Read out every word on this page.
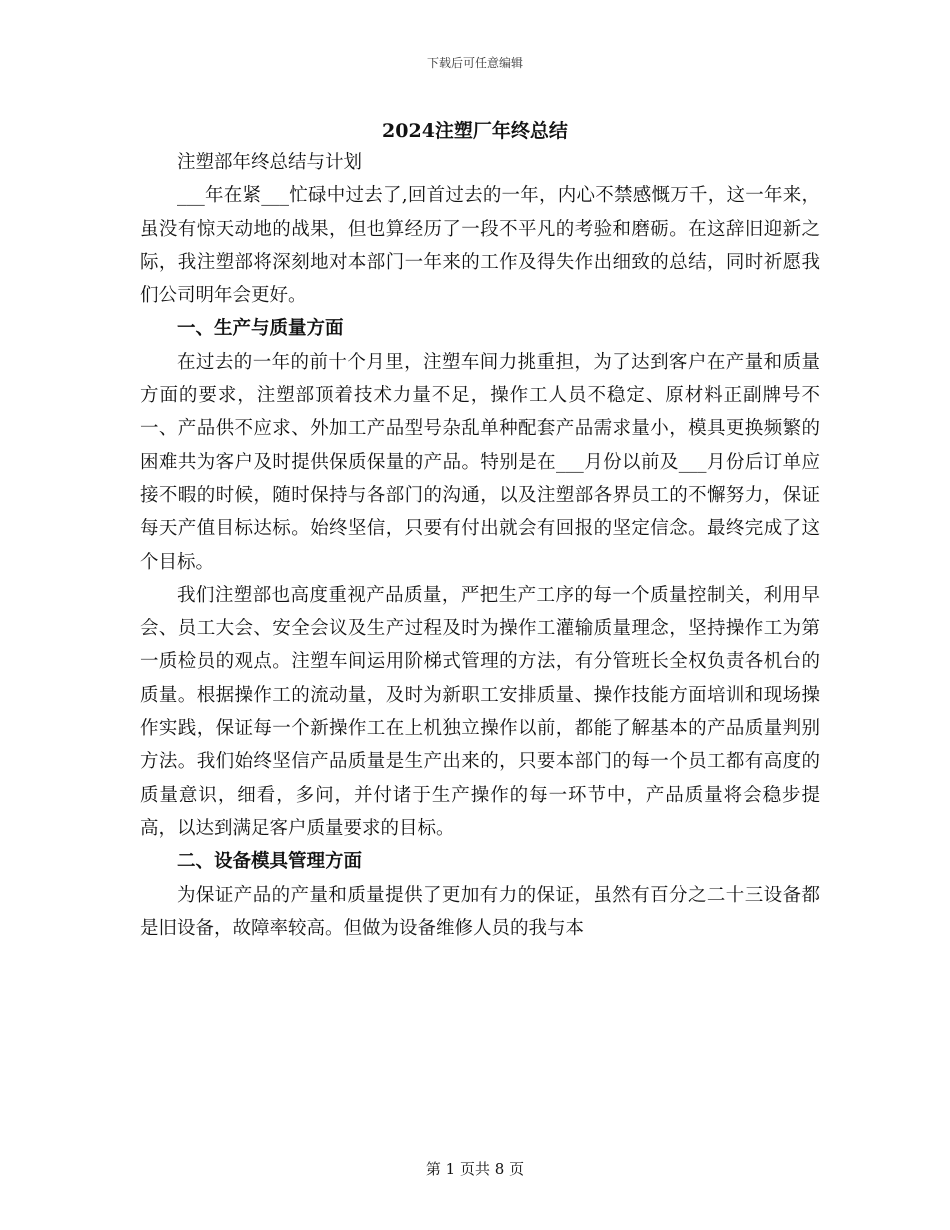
下载后可任意编辑
2024注塑厂年终总结

注塑部年终总结与计划

___年在紧___忙碌中过去了,回首过去的一年，内心不禁感慨万千，这一年来，虽没有惊天动地的战果，但也算经历了一段不平凡的考验和磨砺。在这辞旧迎新之际，我注塑部将深刻地对本部门一年来的工作及得失作出细致的总结，同时祈愿我们公司明年会更好。

一、生产与质量方面

在过去的一年的前十个月里，注塑车间力挑重担，为了达到客户在产量和质量方面的要求，注塑部顶着技术力量不足，操作工人员不稳定、原材料正副牌号不一、产品供不应求、外加工产品型号杂乱单种配套产品需求量小，模具更换频繁的困难共为客户及时提供保质保量的产品。特别是在___月份以前及___月份后订单应接不暇的时候，随时保持与各部门的沟通，以及注塑部各界员工的不懈努力，保证每天产值目标达标。始终坚信，只要有付出就会有回报的坚定信念。最终完成了这个目标。

我们注塑部也高度重视产品质量，严把生产工序的每一个质量控制关，利用早会、员工大会、安全会议及生产过程及时为操作工灌输质量理念，坚持操作工为第一质检员的观点。注塑车间运用阶梯式管理的方法，有分管班长全权负责各机台的质量。根据操作工的流动量，及时为新职工安排质量、操作技能方面培训和现场操作实践，保证每一个新操作工在上机独立操作以前，都能了解基本的产品质量判别方法。我们始终坚信产品质量是生产出来的，只要本部门的每一个员工都有高度的质量意识，细看，多问，并付诸于生产操作的每一环节中，产品质量将会稳步提高，以达到满足客户质量要求的目标。

二、设备模具管理方面

为保证产品的产量和质量提供了更加有力的保证，虽然有百分之二十三设备都是旧设备，故障率较高。但做为设备维修人员的我与本

第 1 页共 8 页
